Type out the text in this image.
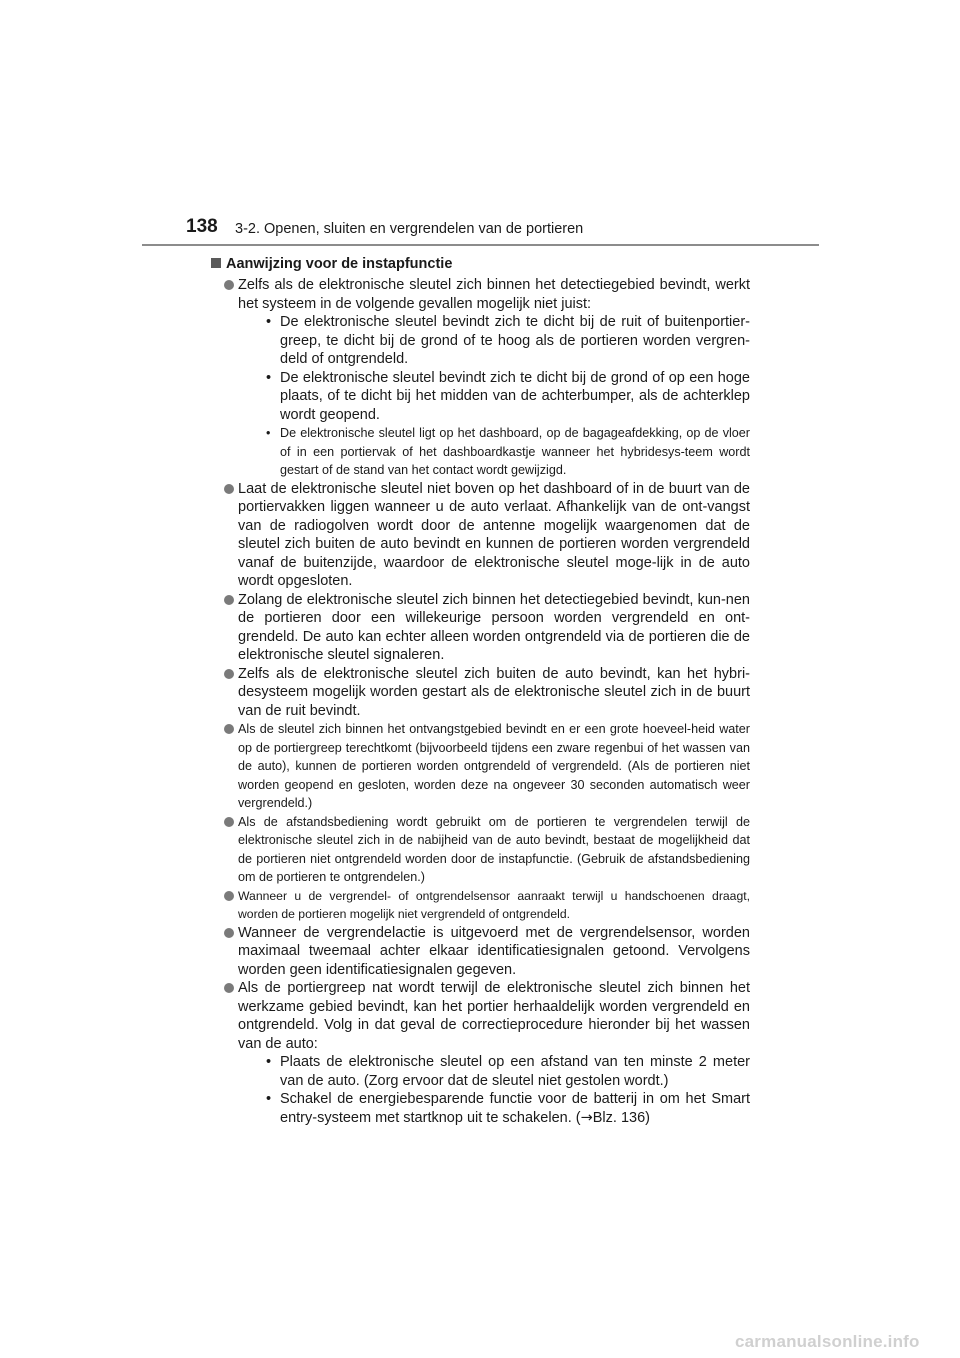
138 3-2. Openen, sluiten en vergrendelen van de portieren
Aanwijzing voor de instapfunctie
Zelfs als de elektronische sleutel zich binnen het detectiegebied bevindt, werkt het systeem in de volgende gevallen mogelijk niet juist:
• De elektronische sleutel bevindt zich te dicht bij de ruit of buitenportier-greep, te dicht bij de grond of te hoog als de portieren worden vergren-deld of ontgrendeld.
• De elektronische sleutel bevindt zich te dicht bij de grond of op een hoge plaats, of te dicht bij het midden van de achterbumper, als de achterklep wordt geopend.
• De elektronische sleutel ligt op het dashboard, op de bagageafdekking, op de vloer of in een portiervak of het dashboardkastje wanneer het hybridesys-teem wordt gestart of de stand van het contact wordt gewijzigd.
Laat de elektronische sleutel niet boven op het dashboard of in de buurt van de portiervakken liggen wanneer u de auto verlaat. Afhankelijk van de ont-vangst van de radiogolven wordt door de antenne mogelijk waargenomen dat de sleutel zich buiten de auto bevindt en kunnen de portieren worden vergrendeld vanaf de buitenzijde, waardoor de elektronische sleutel moge-lijk in de auto wordt opgesloten.
Zolang de elektronische sleutel zich binnen het detectiegebied bevindt, kun-nen de portieren door een willekeurige persoon worden vergrendeld en ont-grendeld. De auto kan echter alleen worden ontgrendeld via de portieren die de elektronische sleutel signaleren.
Zelfs als de elektronische sleutel zich buiten de auto bevindt, kan het hybri-desysteem mogelijk worden gestart als de elektronische sleutel zich in de buurt van de ruit bevindt.
Als de sleutel zich binnen het ontvangstgebied bevindt en er een grote hoeveel-heid water op de portiergreep terechtkomt (bijvoorbeeld tijdens een zware regenbui of het wassen van de auto), kunnen de portieren worden ontgrendeld of vergrendeld. (Als de portieren niet worden geopend en gesloten, worden deze na ongeveer 30 seconden automatisch weer vergrendeld.)
Als de afstandsbediening wordt gebruikt om de portieren te vergrendelen terwijl de elektronische sleutel zich in de nabijheid van de auto bevindt, bestaat de mogelijkheid dat de portieren niet ontgrendeld worden door de instapfunctie. (Gebruik de afstandsbediening om de portieren te ontgrendelen.)
Wanneer u de vergrendel- of ontgrendelsensor aanraakt terwijl u handschoenen draagt, worden de portieren mogelijk niet vergrendeld of ontgrendeld.
Wanneer de vergrendelactie is uitgevoerd met de vergrendelsensor, worden maximaal tweemaal achter elkaar identificatiesignalen getoond. Vervolgens worden geen identificatiesignalen gegeven.
Als de portiergreep nat wordt terwijl de elektronische sleutel zich binnen het werkzame gebied bevindt, kan het portier herhaaldelijk worden vergrendeld en ontgrendeld. Volg in dat geval de correctieprocedure hieronder bij het wassen van de auto:
• Plaats de elektronische sleutel op een afstand van ten minste 2 meter van de auto. (Zorg ervoor dat de sleutel niet gestolen wordt.)
• Schakel de energiebesparende functie voor de batterij in om het Smart entry-systeem met startknop uit te schakelen. (→Blz. 136)
carmanualsonline.info
